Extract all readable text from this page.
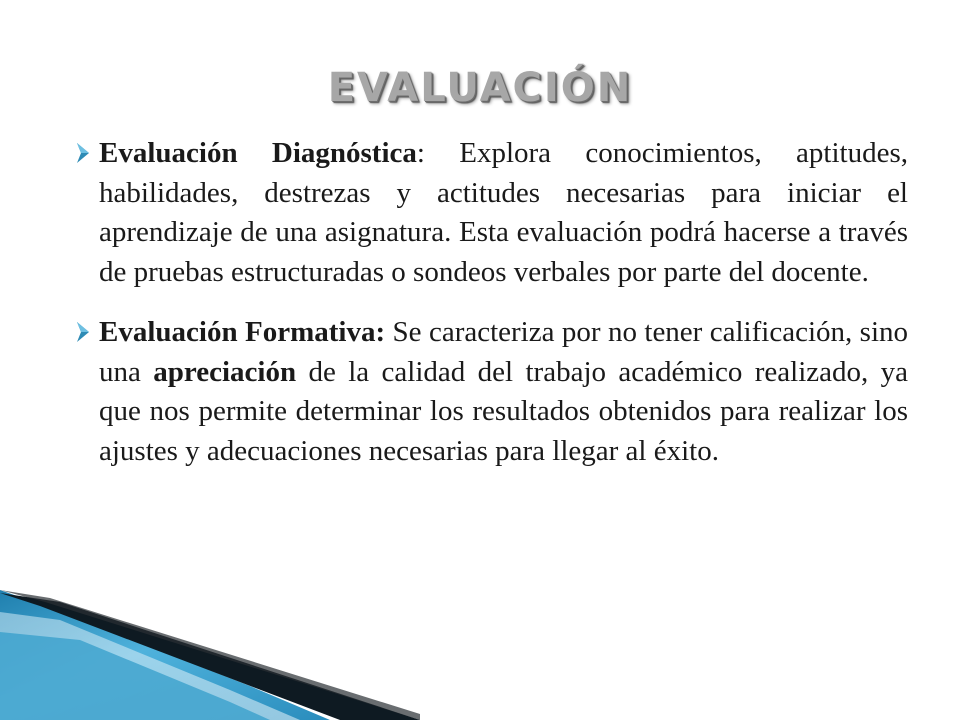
EVALUACIÓN
Evaluación Diagnóstica: Explora conocimientos, aptitudes, habilidades, destrezas y actitudes necesarias para iniciar el aprendizaje de una asignatura. Esta evaluación podrá hacerse a través de pruebas estructuradas o sondeos verbales por parte del docente.
Evaluación Formativa: Se caracteriza por no tener calificación, sino una apreciación de la calidad del trabajo académico realizado, ya que nos permite determinar los resultados obtenidos para realizar los ajustes y adecuaciones necesarias para llegar al éxito.
